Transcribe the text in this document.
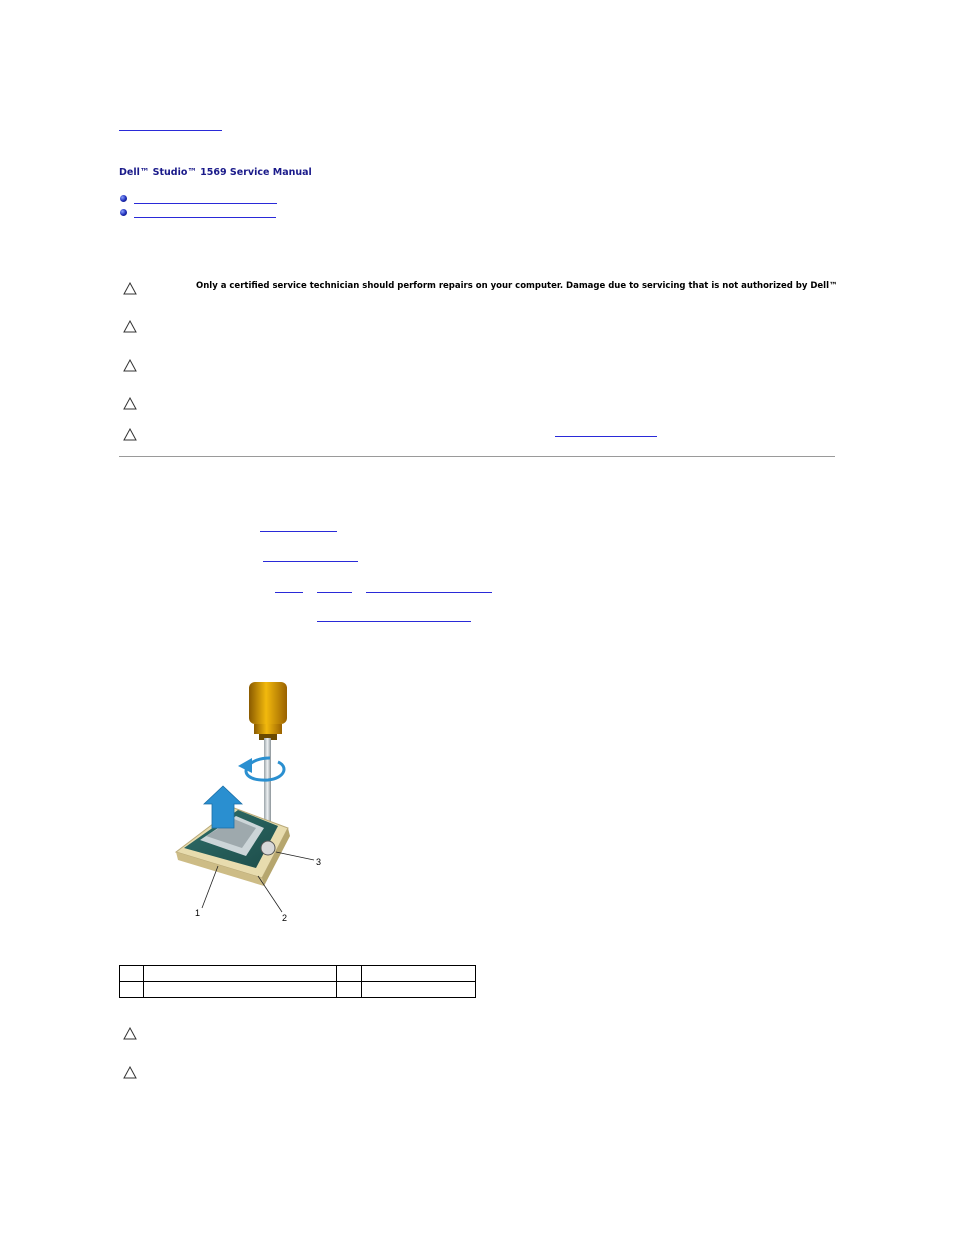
Dell™ Studio™ 1569 Service Manual
Only a certified service technician should perform repairs on your computer. Damage due to servicing that is not authorized by Dell™
1	2
3
